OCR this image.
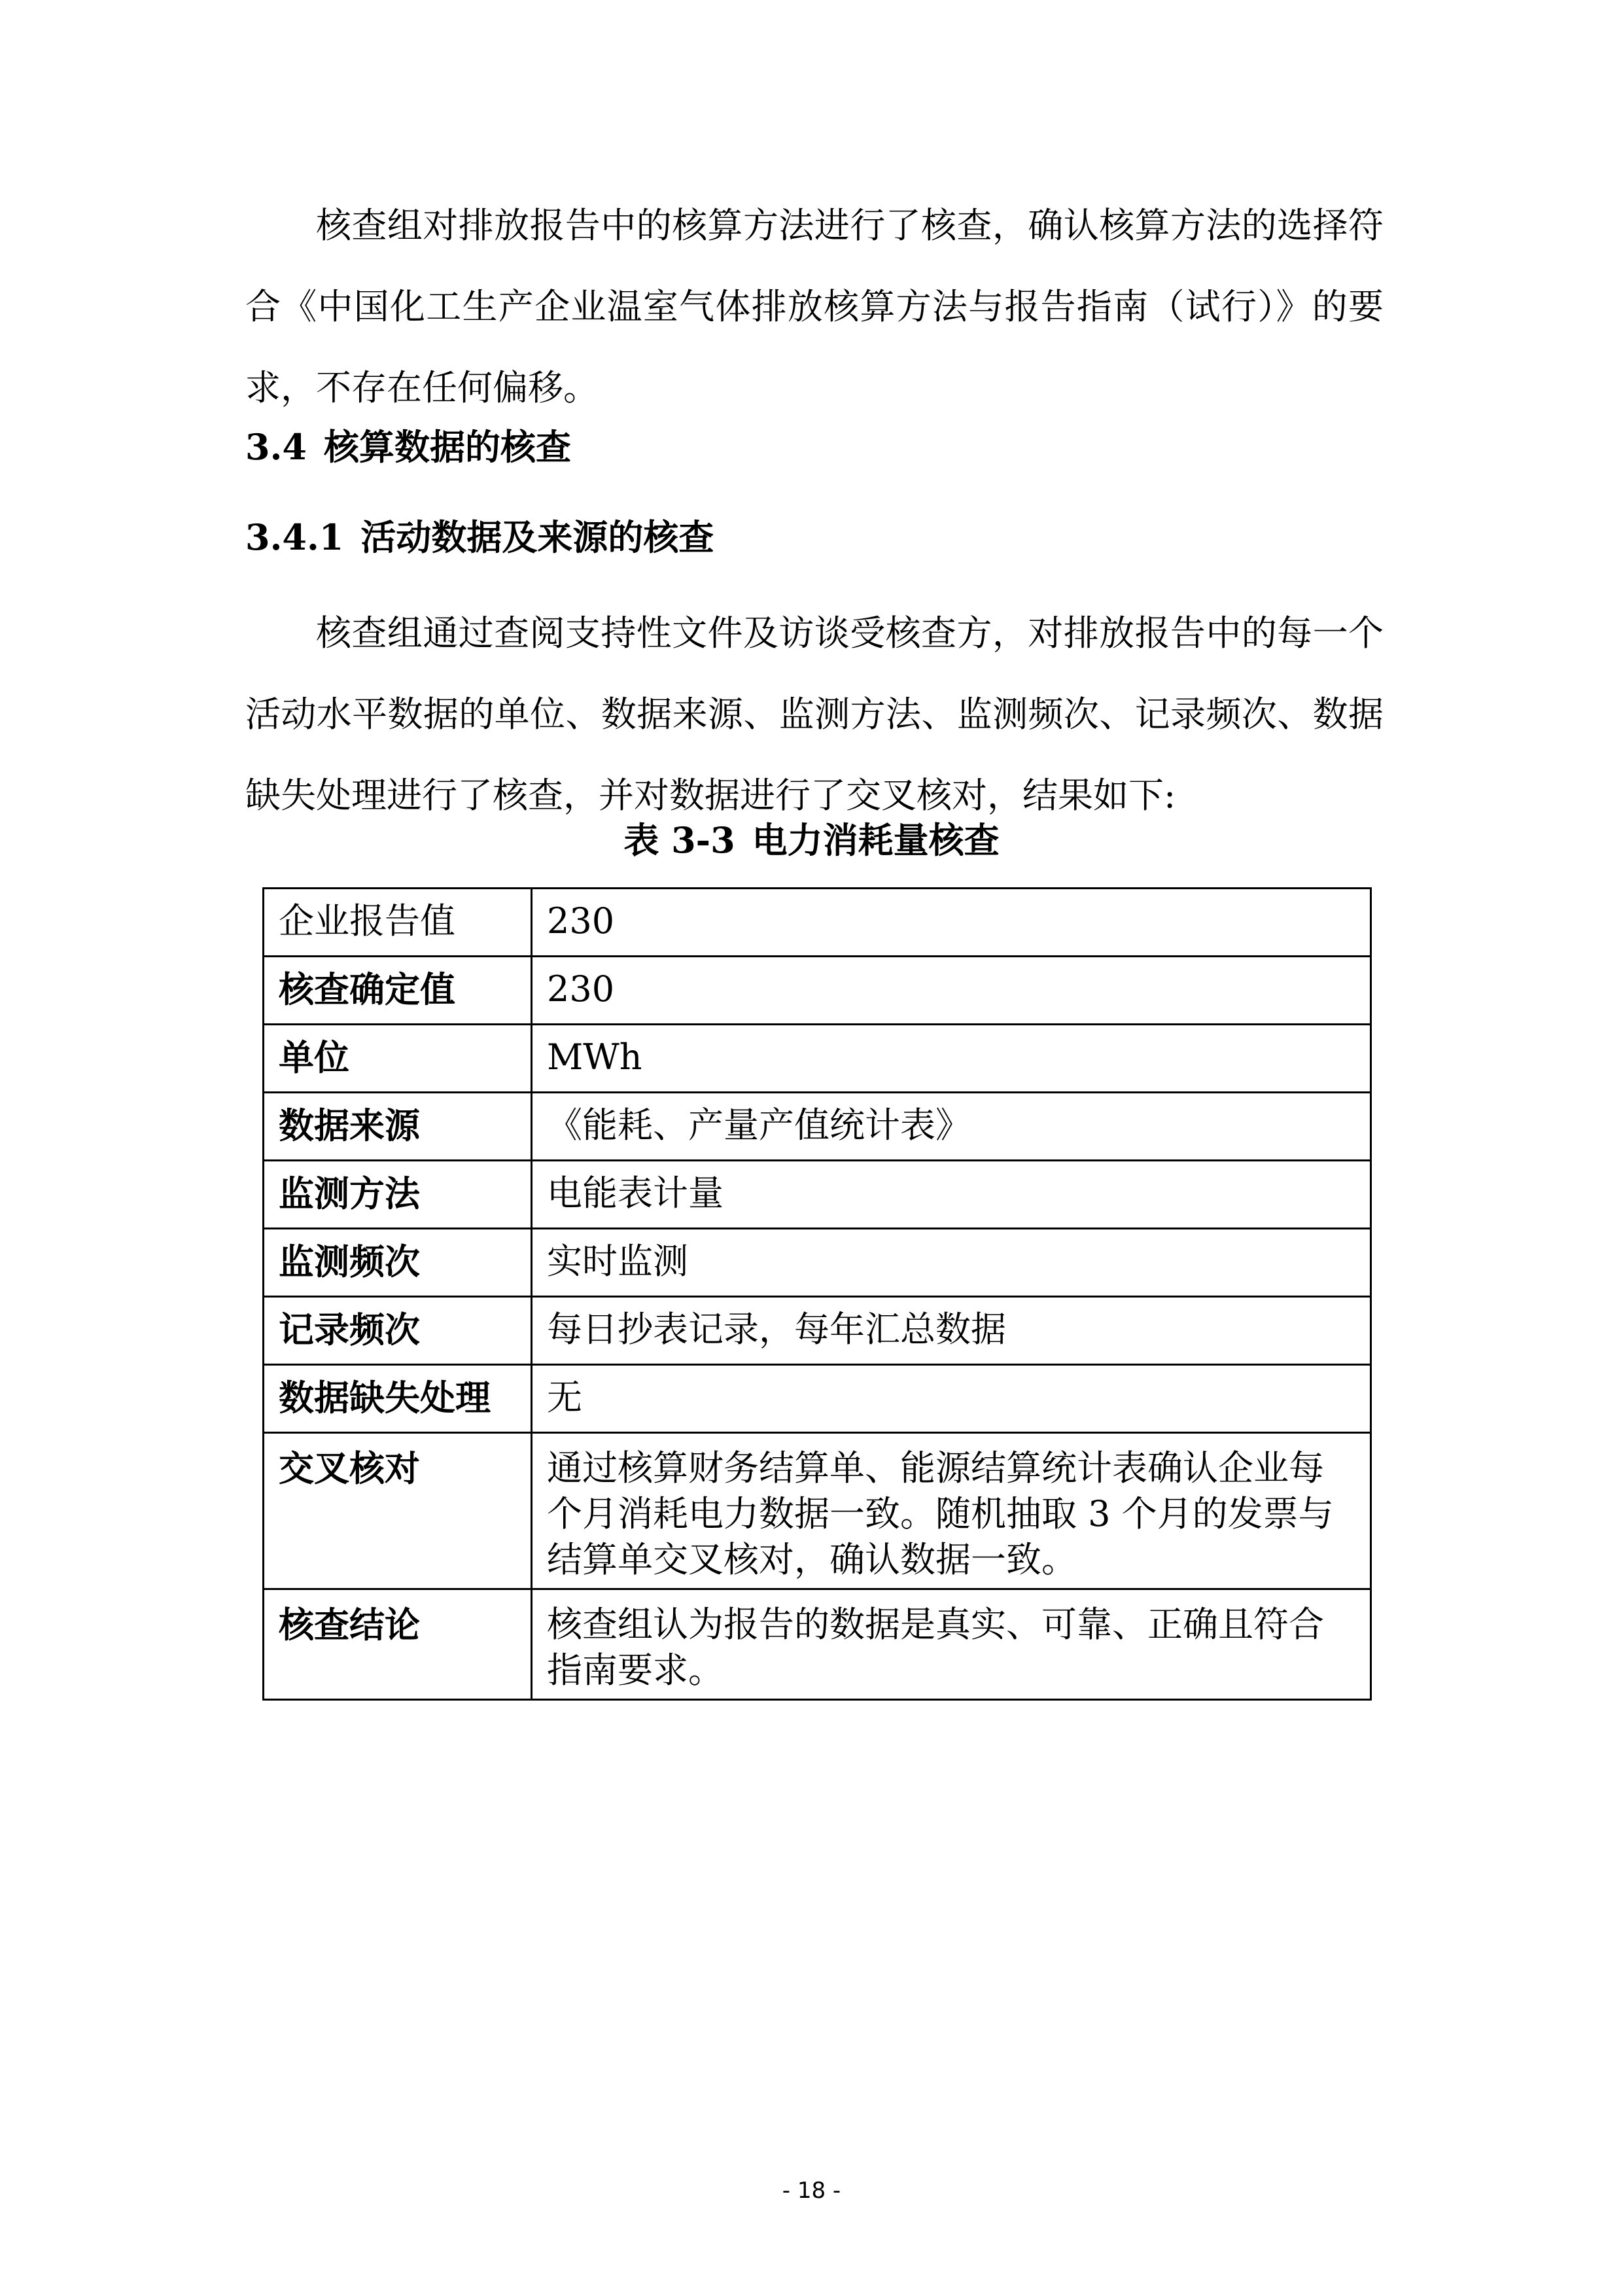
核查组对排放报告中的核算方法进行了核查，确认核算方法的选择符合《中国化工生产企业温室气体排放核算方法与报告指南（试行）》的要求，不存在任何偏移。

3.4 核算数据的核查
3.4.1 活动数据及来源的核查

核查组通过查阅支持性文件及访谈受核查方，对排放报告中的每一个活动水平数据的单位、数据来源、监测方法、监测频次、记录频次、数据缺失处理进行了核查，并对数据进行了交叉核对，结果如下:

表 3-3 电力消耗量核查

企业报告值	230
核查确定值	230
单位	MWh
数据来源	《能耗、产量产值统计表》
监测方法	电能表计量
监测频次	实时监测
记录频次	每日抄表记录，每年汇总数据
数据缺失处理	无
交叉核对	通过核算财务结算单、能源结算统计表确认企业每个月消耗电力数据一致。随机抽取 3 个月的发票与结算单交叉核对，确认数据一致。
核查结论	核查组认为报告的数据是真实、可靠、正确且符合指南要求。

- 18 -
